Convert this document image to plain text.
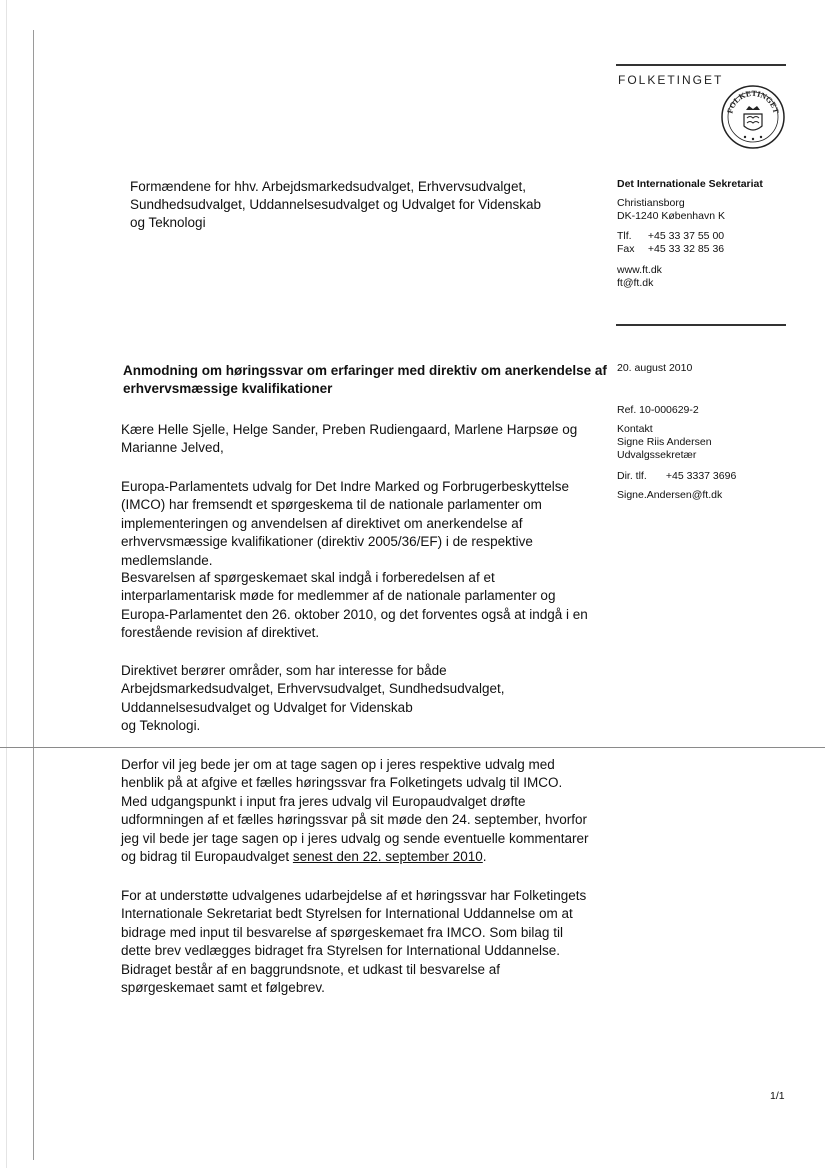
FOLKETINGET
FOLKETINGET
Formændene for hhv. Arbejdsmarkedsudvalget, Erhvervsudvalget, Sundhedsudvalget, Uddannelsesudvalget og Udvalget for Videnskab og Teknologi
Det Internationale Sekretariat
Christiansborg
DK-1240 København K
Tlf. +45 33 37 55 00
Fax +45 33 32 85 36
www.ft.dk
ft@ft.dk
20. august 2010
Ref. 10-000629-2
Kontakt
Signe Riis Andersen
Udvalgssekretær
Dir. tlf. +45 3337 3696
Signe.Andersen@ft.dk
Anmodning om høringssvar om erfaringer med direktiv om anerkendelse af erhvervsmæssige kvalifikationer
Kære Helle Sjelle, Helge Sander, Preben Rudiengaard, Marlene Harpsøe og Marianne Jelved,
Europa-Parlamentets udvalg for Det Indre Marked og Forbrugerbeskyttelse (IMCO) har fremsendt et spørgeskema til de nationale parlamenter om implementeringen og anvendelsen af direktivet om anerkendelse af erhvervsmæssige kvalifikationer (direktiv 2005/36/EF) i de respektive medlemslande.
Besvarelsen af spørgeskemaet skal indgå i forberedelsen af et interparlamentarisk møde for medlemmer af de nationale parlamenter og Europa-Parlamentet den 26. oktober 2010, og det forventes også at indgå i en forestående revision af direktivet.

Direktivet berører områder, som har interesse for både

Arbejdsmarkedsudvalget, Erhvervsudvalget, Sundhedsudvalget,

Uddannelsesudvalget og Udvalget for Videnskab

og Teknologi.

Derfor vil jeg bede jer om at tage sagen op i jeres respektive udvalg med henblik på at afgive et fælles høringssvar fra Folketingets udvalg til IMCO. Med udgangspunkt i input fra jeres udvalg vil Europaudvalget drøfte udformningen af et fælles høringssvar på sit møde den 24. september, hvorfor jeg vil bede jer tage sagen op i jeres udvalg og sende eventuelle kommentarer og bidrag til Europaudvalget senest den 22. september 2010.
For at understøtte udvalgenes udarbejdelse af et høringssvar har Folketingets Internationale Sekretariat bedt Styrelsen for International Uddannelse om at bidrage med input til besvarelse af spørgeskemaet fra IMCO. Som bilag til dette brev vedlægges bidraget fra Styrelsen for International Uddannelse. Bidraget består af en baggrundsnote, et udkast til besvarelse af spørgeskemaet samt et følgebrev.
1/1
